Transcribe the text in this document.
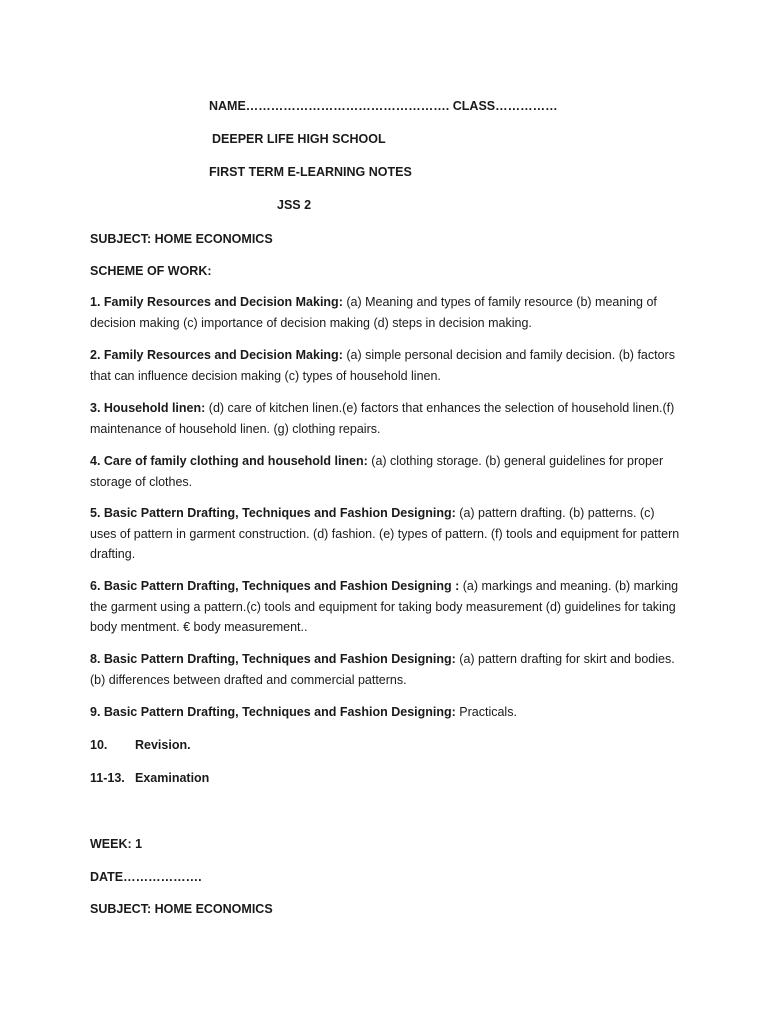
NAME…………………………………………. CLASS……………
DEEPER LIFE HIGH SCHOOL
FIRST TERM E-LEARNING NOTES
JSS 2
SUBJECT: HOME ECONOMICS
SCHEME OF WORK:
1. Family Resources and Decision Making: (a) Meaning and types of family resource (b) meaning of decision making (c) importance of decision making (d) steps in decision making.
2. Family Resources and Decision Making: (a) simple personal decision and family decision. (b) factors that can influence decision making (c) types of household linen.
3. Household linen: (d) care of kitchen linen.(e) factors that enhances the selection of household linen.(f) maintenance of household linen. (g) clothing repairs.
4. Care of family clothing and household linen: (a) clothing storage. (b) general guidelines for proper storage of clothes.
5. Basic Pattern Drafting, Techniques and Fashion Designing: (a) pattern drafting. (b) patterns. (c) uses of pattern in garment construction. (d) fashion. (e) types of pattern. (f) tools and equipment for pattern drafting.
6. Basic Pattern Drafting, Techniques and Fashion Designing : (a) markings and meaning. (b) marking the garment using a pattern.(c) tools and equipment for taking body measurement (d) guidelines for taking body mentment. € body measurement..
8. Basic Pattern Drafting, Techniques and Fashion Designing: (a) pattern drafting for skirt and bodies. (b) differences between drafted and commercial patterns.
9. Basic Pattern Drafting, Techniques and Fashion Designing: Practicals.
10. Revision.
11-13. Examination
WEEK: 1
DATE……………….
SUBJECT: HOME ECONOMICS
